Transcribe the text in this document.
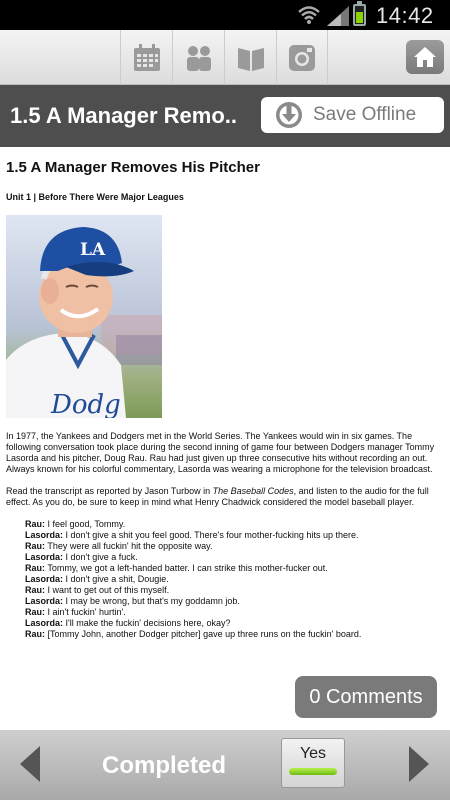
14:42
1.5 A Manager Remo..	Save Offline
1.5 A Manager Removes His Pitcher
Unit 1 | Before There Were Major Leagues
Dodg
LA

In 1977, the Yankees and Dodgers met in the World Series. The Yankees would win in six games. The following conversation took place during the second inning of game four between Dodgers manager Tommy Lasorda and his pitcher, Doug Rau. Rau had just given up three consecutive hits without recording an out. Always known for his colorful commentary, Lasorda was wearing a microphone for the television broadcast.

Read the transcript as reported by Jason Turbow in The Baseball Codes, and listen to the audio for the full effect. As you do, be sure to keep in mind what Henry Chadwick considered the model baseball player.

Rau: I feel good, Tommy.
Lasorda: I don't give a shit you feel good. There's four mother-fucking hits up there.
Rau: They were all fuckin' hit the opposite way.
Lasorda: I don't give a fuck.
Rau: Tommy, we got a left-handed batter. I can strike this mother-fucker out.
Lasorda: I don't give a shit, Dougie.
Rau: I want to get out of this myself.
Lasorda: I may be wrong, but that's my goddamn job.
Rau: I ain't fuckin' hurtin'.
Lasorda: I'll make the fuckin' decisions here, okay?
Rau: [Tommy John, another Dodger pitcher] gave up three runs on the fuckin' board.
0 Comments
Completed	Yes
